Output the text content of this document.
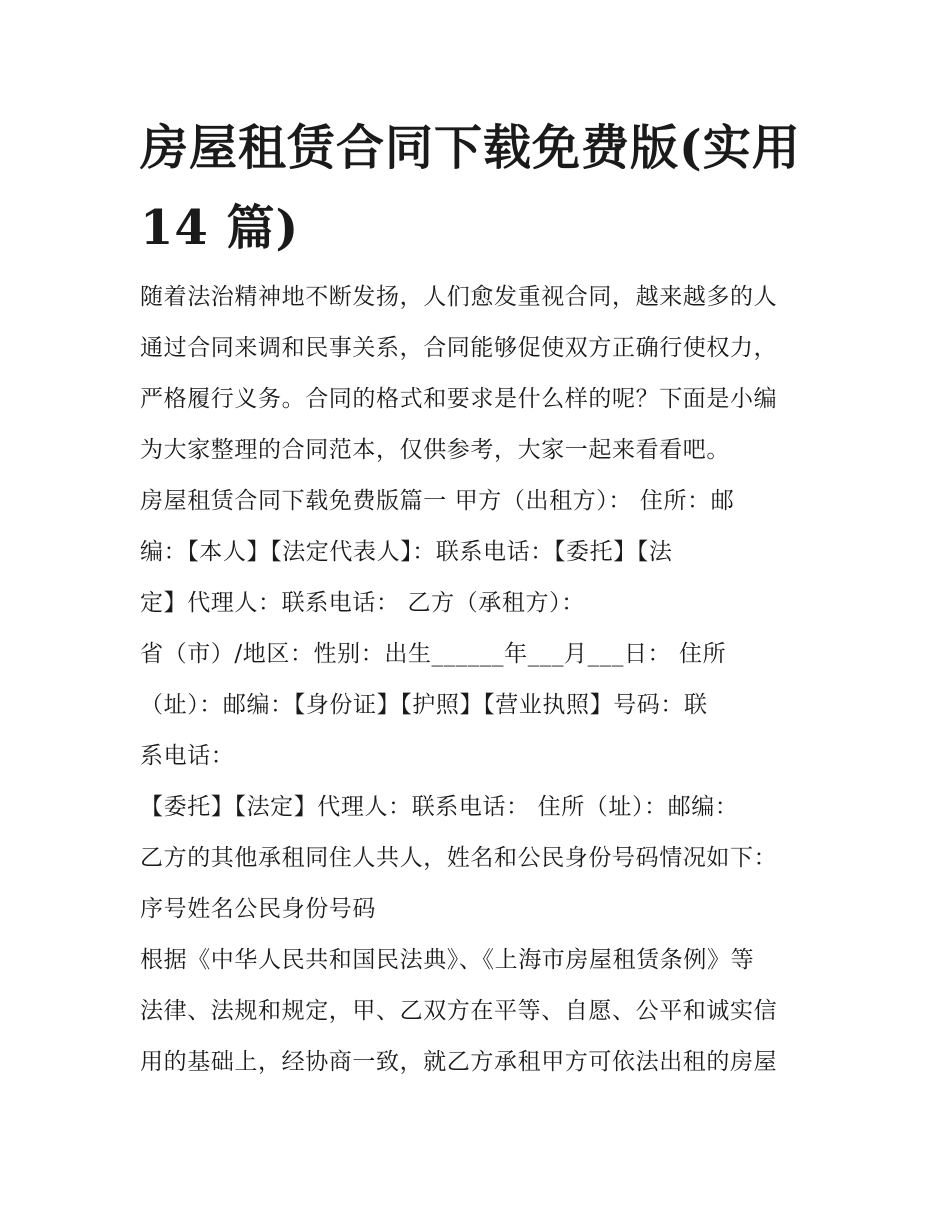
房屋租赁合同下载免费版(实用
14 篇)

随着法治精神地不断发扬，人们愈发重视合同，越来越多的人
通过合同来调和民事关系，合同能够促使双方正确行使权力，
严格履行义务。合同的格式和要求是什么样的呢？下面是小编
为大家整理的合同范本，仅供参考，大家一起来看看吧。

房屋租赁合同下载免费版篇一 甲方（出租方）： 住所：邮
编：【本人】【法定代表人】：联系电话：【委托】【法
定】代理人：联系电话： 乙方（承租方）：
省（市）/地区：性别：出生______年___月___日： 住所
（址）：邮编：【身份证】【护照】【营业执照】号码：联
系电话：
【委托】【法定】代理人：联系电话： 住所（址）：邮编：
乙方的其他承租同住人共人，姓名和公民身份号码情况如下：
序号姓名公民身份号码
根据《中华人民共和国民法典》、《上海市房屋租赁条例》等
法律、法规和规定，甲、乙双方在平等、自愿、公平和诚实信
用的基础上，经协商一致，就乙方承租甲方可依法出租的房屋
